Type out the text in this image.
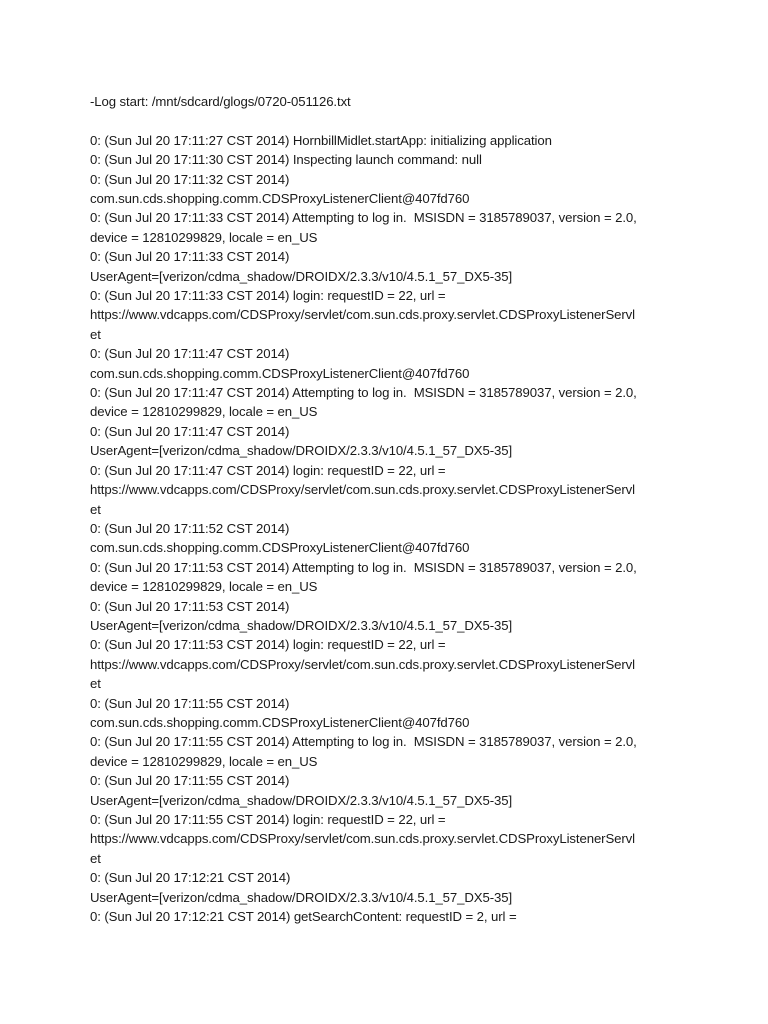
-Log start: /mnt/sdcard/glogs/0720-051126.txt
0: (Sun Jul 20 17:11:27 CST 2014) HornbillMidlet.startApp: initializing application
0: (Sun Jul 20 17:11:30 CST 2014) Inspecting launch command: null
0: (Sun Jul 20 17:11:32 CST 2014)
com.sun.cds.shopping.comm.CDSProxyListenerClient@407fd760
0: (Sun Jul 20 17:11:33 CST 2014) Attempting to log in.  MSISDN = 3185789037, version = 2.0,
device = 12810299829, locale = en_US
0: (Sun Jul 20 17:11:33 CST 2014)
UserAgent=[verizon/cdma_shadow/DROIDX/2.3.3/v10/4.5.1_57_DX5-35]
0: (Sun Jul 20 17:11:33 CST 2014) login: requestID = 22, url =
https://www.vdcapps.com/CDSProxy/servlet/com.sun.cds.proxy.servlet.CDSProxyListenerServl
et
0: (Sun Jul 20 17:11:47 CST 2014)
com.sun.cds.shopping.comm.CDSProxyListenerClient@407fd760
0: (Sun Jul 20 17:11:47 CST 2014) Attempting to log in.  MSISDN = 3185789037, version = 2.0,
device = 12810299829, locale = en_US
0: (Sun Jul 20 17:11:47 CST 2014)
UserAgent=[verizon/cdma_shadow/DROIDX/2.3.3/v10/4.5.1_57_DX5-35]
0: (Sun Jul 20 17:11:47 CST 2014) login: requestID = 22, url =
https://www.vdcapps.com/CDSProxy/servlet/com.sun.cds.proxy.servlet.CDSProxyListenerServl
et
0: (Sun Jul 20 17:11:52 CST 2014)
com.sun.cds.shopping.comm.CDSProxyListenerClient@407fd760
0: (Sun Jul 20 17:11:53 CST 2014) Attempting to log in.  MSISDN = 3185789037, version = 2.0,
device = 12810299829, locale = en_US
0: (Sun Jul 20 17:11:53 CST 2014)
UserAgent=[verizon/cdma_shadow/DROIDX/2.3.3/v10/4.5.1_57_DX5-35]
0: (Sun Jul 20 17:11:53 CST 2014) login: requestID = 22, url =
https://www.vdcapps.com/CDSProxy/servlet/com.sun.cds.proxy.servlet.CDSProxyListenerServl
et
0: (Sun Jul 20 17:11:55 CST 2014)
com.sun.cds.shopping.comm.CDSProxyListenerClient@407fd760
0: (Sun Jul 20 17:11:55 CST 2014) Attempting to log in.  MSISDN = 3185789037, version = 2.0,
device = 12810299829, locale = en_US
0: (Sun Jul 20 17:11:55 CST 2014)
UserAgent=[verizon/cdma_shadow/DROIDX/2.3.3/v10/4.5.1_57_DX5-35]
0: (Sun Jul 20 17:11:55 CST 2014) login: requestID = 22, url =
https://www.vdcapps.com/CDSProxy/servlet/com.sun.cds.proxy.servlet.CDSProxyListenerServl
et
0: (Sun Jul 20 17:12:21 CST 2014)
UserAgent=[verizon/cdma_shadow/DROIDX/2.3.3/v10/4.5.1_57_DX5-35]
0: (Sun Jul 20 17:12:21 CST 2014) getSearchContent: requestID = 2, url =
